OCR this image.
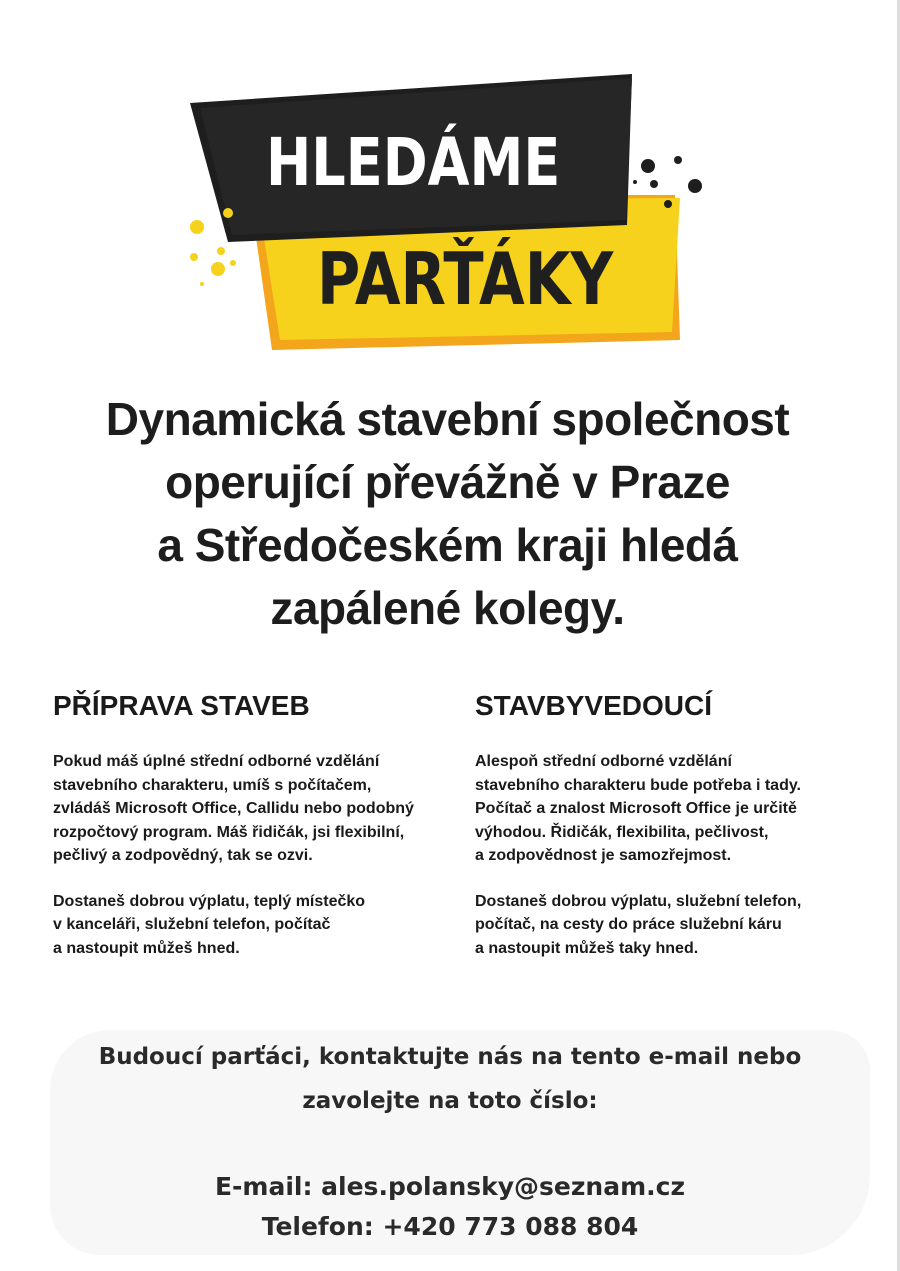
HLEDÁME
PARŤÁKY
Dynamická stavební společnost
operující převážně v Praze
a Středočeském kraji hledá
zapálené kolegy.
PŘÍPRAVA STAVEB

Pokud máš úplné střední odborné vzdělání
stavebního charakteru, umíš s počítačem,
zvládáš Microsoft Office, Callidu nebo podobný
rozpočtový program. Máš řidičák, jsi flexibilní,
pečlivý a zodpovědný, tak se ozvi.

Dostaneš dobrou výplatu, teplý místečko
v kanceláři, služební telefon, počítač
a nastoupit můžeš hned.

STAVBYVEDOUCÍ

Alespoň střední odborné vzdělání
stavebního charakteru bude potřeba i tady.
Počítač a znalost Microsoft Office je určitě
výhodou. Řidičák, flexibilita, pečlivost,
a zodpovědnost je samozřejmost.

Dostaneš dobrou výplatu, služební telefon,
počítač, na cesty do práce služební káru
a nastoupit můžeš taky hned.

Budoucí parťáci, kontaktujte nás na tento e-mail nebo
zavolejte na toto číslo:
E-mail: ales.polansky@seznam.cz
Telefon: +420 773 088 804
